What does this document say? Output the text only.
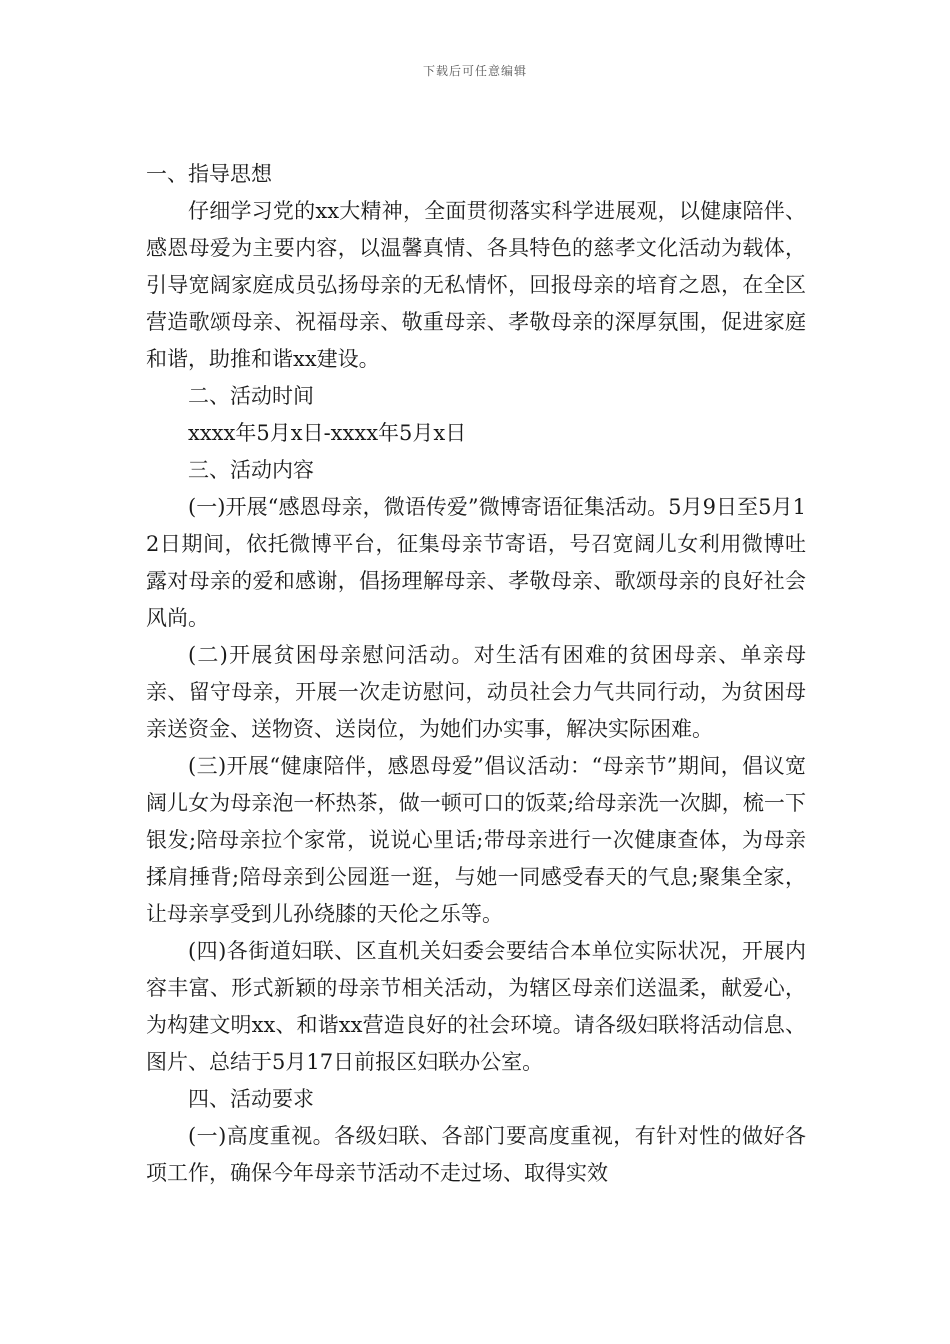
下载后可任意编辑

一、指导思想

仔细学习党的xx大精神，全面贯彻落实科学进展观，以健康陪伴、感恩母爱为主要内容，以温馨真情、各具特色的慈孝文化活动为载体，引导宽阔家庭成员弘扬母亲的无私情怀，回报母亲的培育之恩，在全区营造歌颂母亲、祝福母亲、敬重母亲、孝敬母亲的深厚氛围，促进家庭和谐，助推和谐xx建设。

二、活动时间

xxxx年5月x日-xxxx年5月x日

三、活动内容

(一)开展“感恩母亲，微语传爱”微博寄语征集活动。5月9日至5月12日期间，依托微博平台，征集母亲节寄语，号召宽阔儿女利用微博吐露对母亲的爱和感谢，倡扬理解母亲、孝敬母亲、歌颂母亲的良好社会风尚。

(二)开展贫困母亲慰问活动。对生活有困难的贫困母亲、单亲母亲、留守母亲，开展一次走访慰问，动员社会力气共同行动，为贫困母亲送资金、送物资、送岗位，为她们办实事，解决实际困难。

(三)开展“健康陪伴，感恩母爱”倡议活动：“母亲节”期间，倡议宽阔儿女为母亲泡一杯热茶，做一顿可口的饭菜;给母亲洗一次脚，梳一下银发;陪母亲拉个家常，说说心里话;带母亲进行一次健康查体，为母亲揉肩捶背;陪母亲到公园逛一逛，与她一同感受春天的气息;聚集全家，让母亲享受到儿孙绕膝的天伦之乐等。

(四)各街道妇联、区直机关妇委会要结合本单位实际状况，开展内容丰富、形式新颖的母亲节相关活动，为辖区母亲们送温柔，献爱心，为构建文明xx、和谐xx营造良好的社会环境。请各级妇联将活动信息、图片、总结于5月17日前报区妇联办公室。

四、活动要求

(一)高度重视。各级妇联、各部门要高度重视，有针对性的做好各项工作，确保今年母亲节活动不走过场、取得实效
